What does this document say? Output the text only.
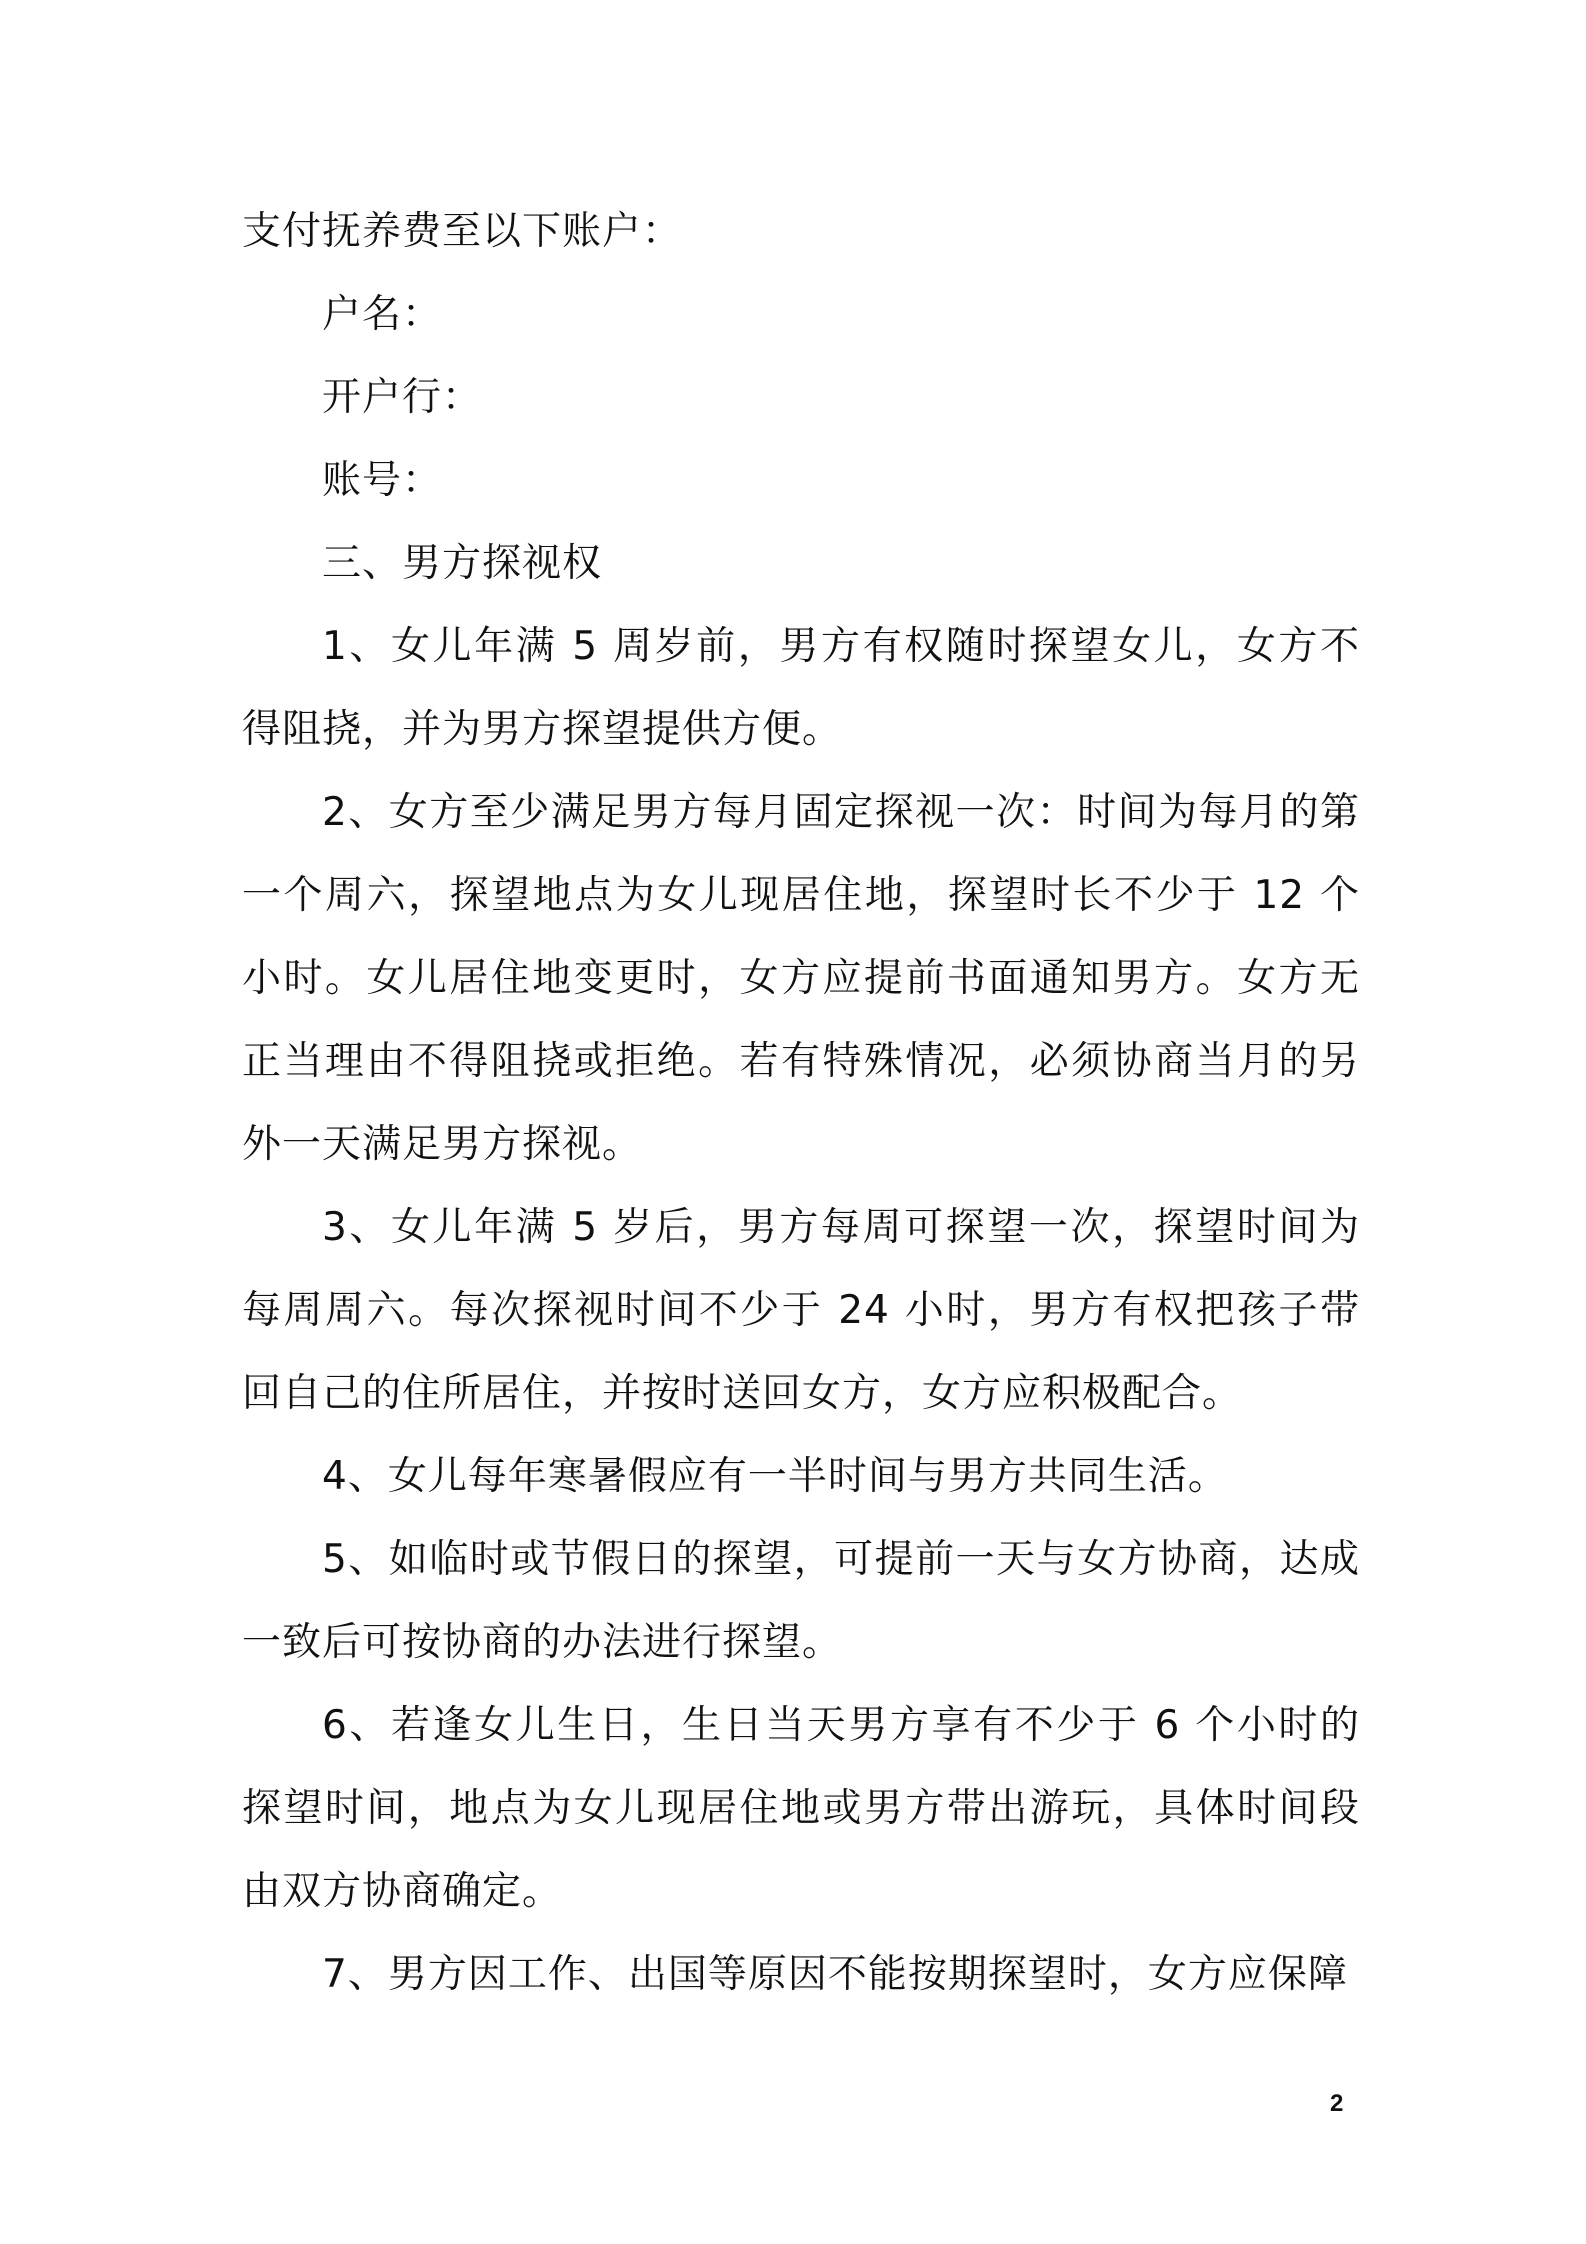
支付抚养费至以下账户：

户名：

开户行：

账号：

三、男方探视权

1、女儿年满 5 周岁前，男方有权随时探望女儿，女方不得阻挠，并为男方探望提供方便。

2、女方至少满足男方每月固定探视一次：时间为每月的第一个周六，探望地点为女儿现居住地，探望时长不少于 12 个小时。女儿居住地变更时，女方应提前书面通知男方。女方无正当理由不得阻挠或拒绝。若有特殊情况，必须协商当月的另外一天满足男方探视。

3、女儿年满 5 岁后，男方每周可探望一次，探望时间为每周周六。每次探视时间不少于 24 小时，男方有权把孩子带回自己的住所居住，并按时送回女方，女方应积极配合。

4、女儿每年寒暑假应有一半时间与男方共同生活。

5、如临时或节假日的探望，可提前一天与女方协商，达成一致后可按协商的办法进行探望。

6、若逢女儿生日，生日当天男方享有不少于 6 个小时的探望时间，地点为女儿现居住地或男方带出游玩，具体时间段由双方协商确定。

7、男方因工作、出国等原因不能按期探望时，女方应保障

2
